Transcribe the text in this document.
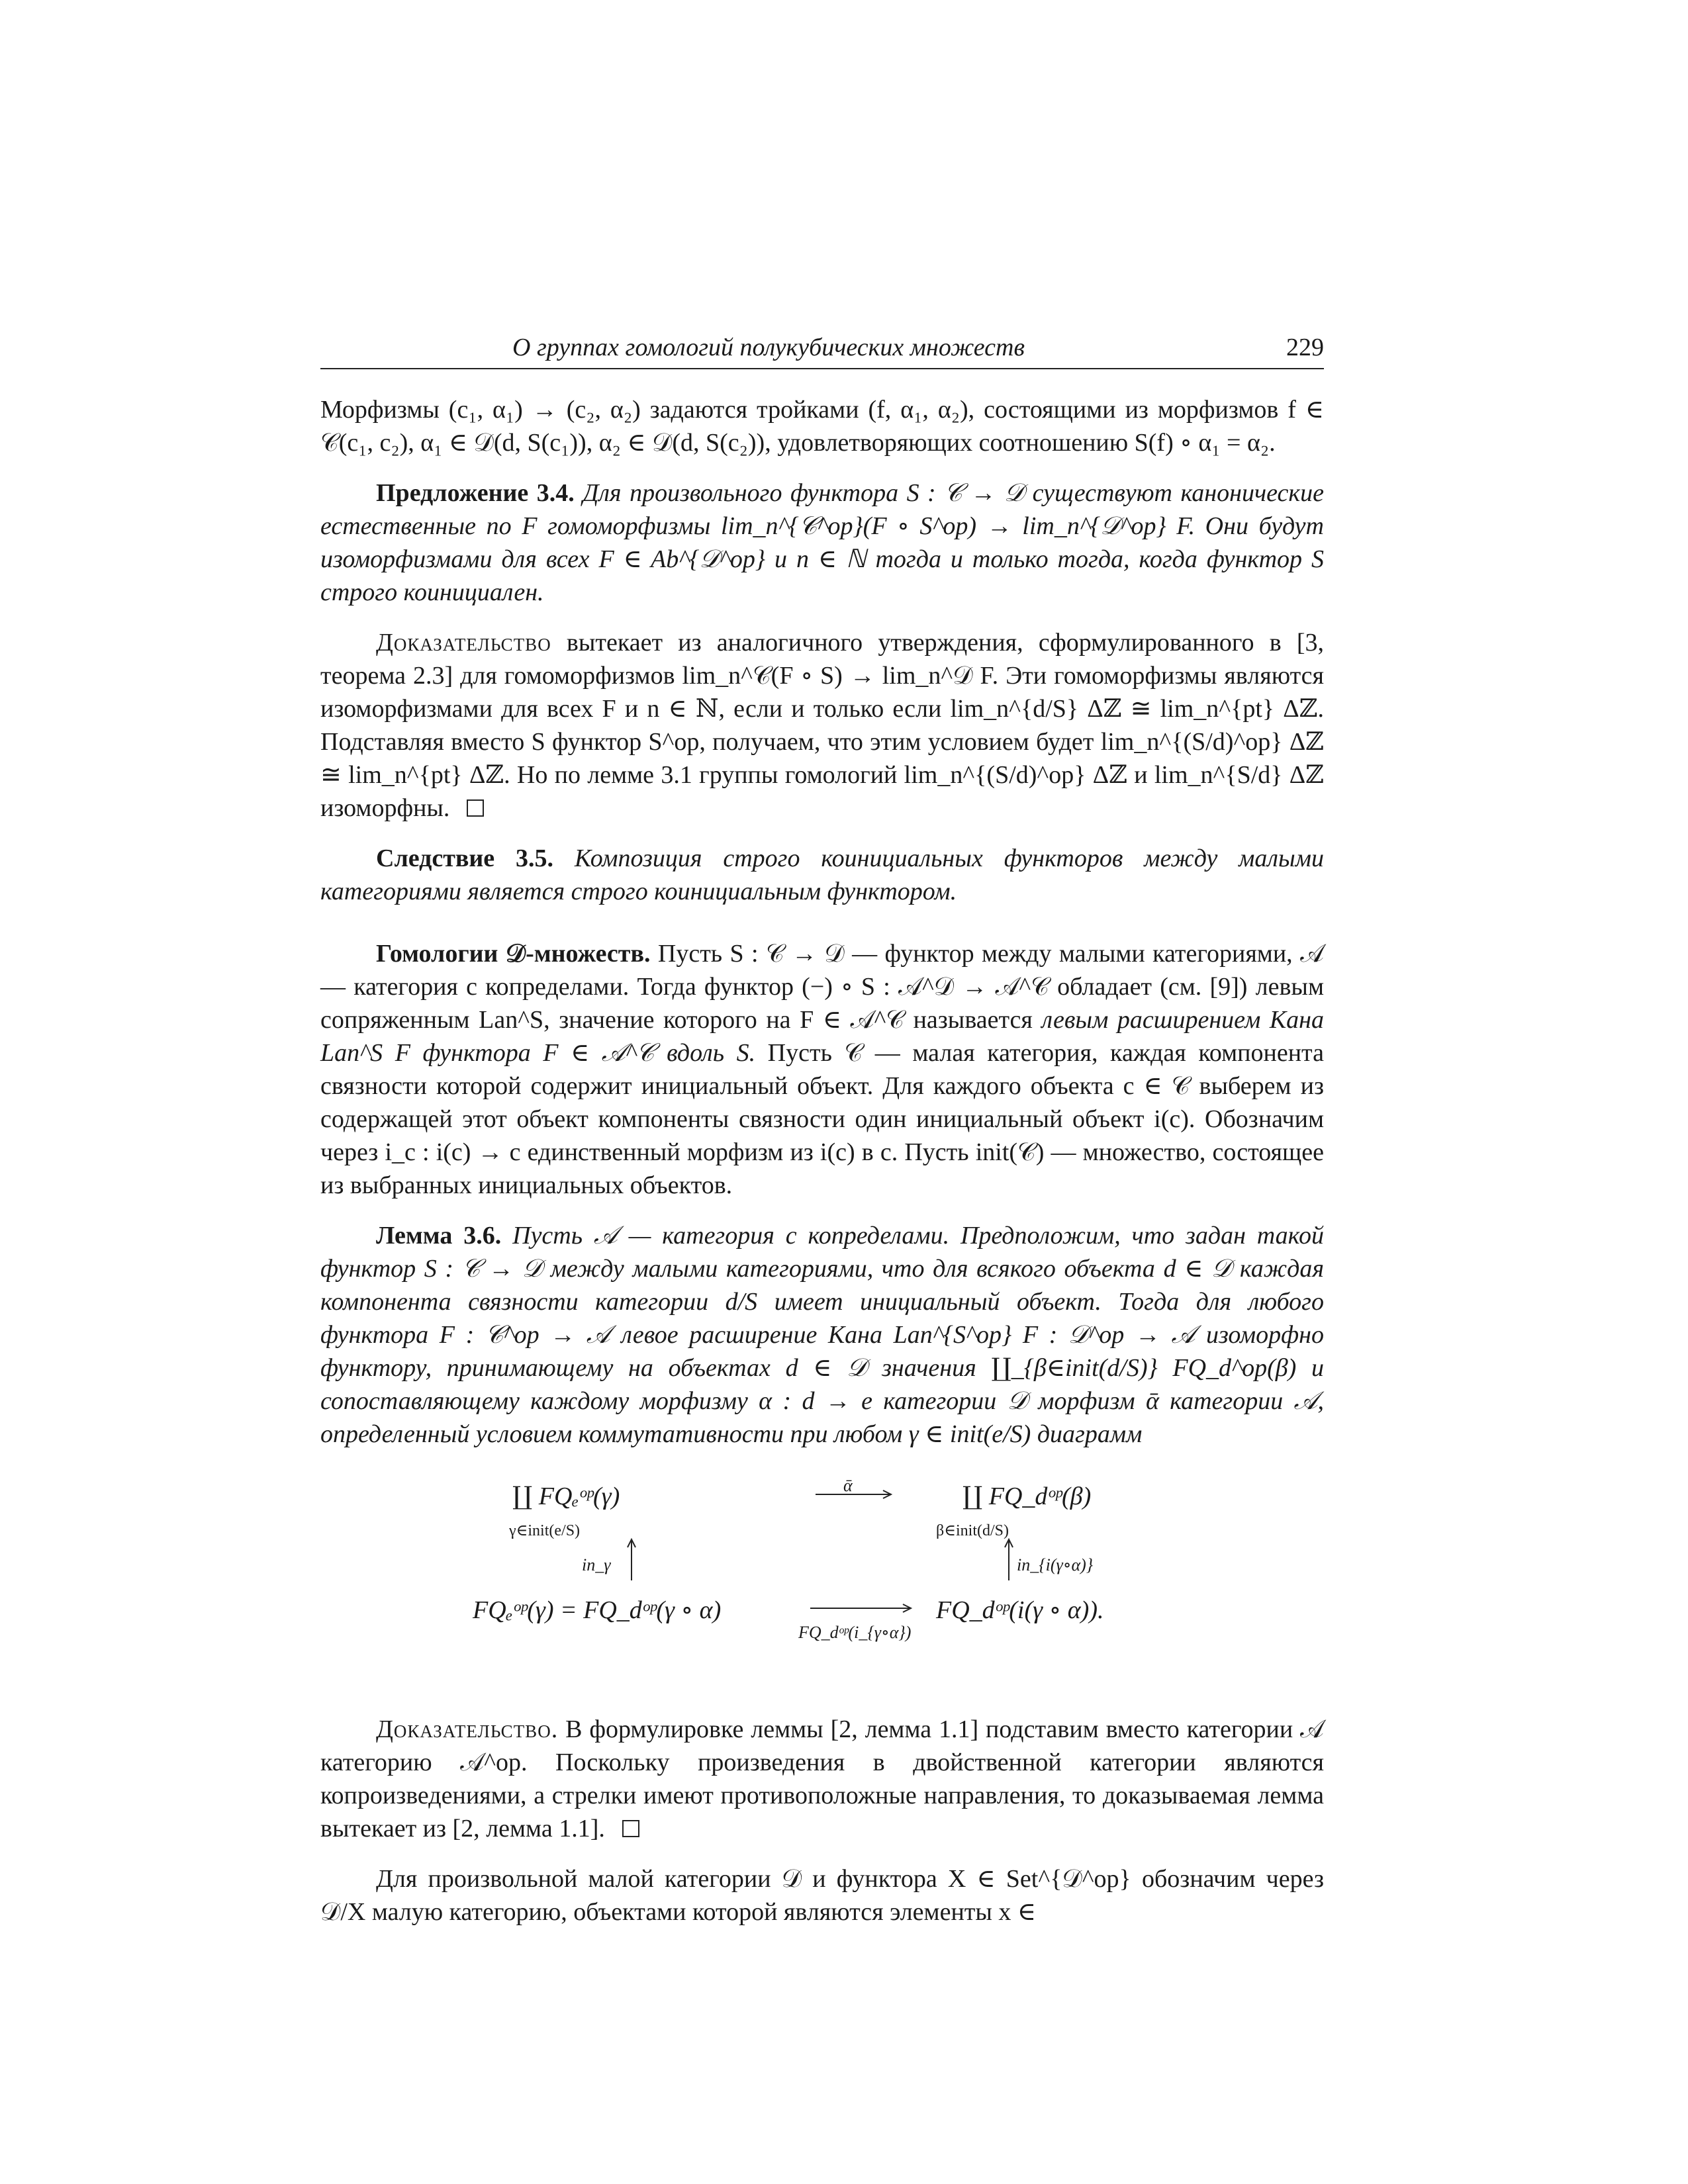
О группах гомологий полукубических множеств	229

Морфизмы (c₁, α₁) → (c₂, α₂) задаются тройками (f, α₁, α₂), состоящими из морфизмов f ∈ 𝒞(c₁, c₂), α₁ ∈ 𝒟(d, S(c₁)), α₂ ∈ 𝒟(d, S(c₂)), удовлетворяющих соотношению S(f) ∘ α₁ = α₂.

Предложение 3.4. Для произвольного функтора S : 𝒞 → 𝒟 существуют канонические естественные по F гомоморфизмы lim_n^{𝒞^op}(F ∘ S^op) → lim_n^{𝒟^op} F. Они будут изоморфизмами для всех F ∈ Ab^{𝒟^op} и n ∈ ℕ тогда и только тогда, когда функтор S строго коинициален.

Доказательство вытекает из аналогичного утверждения, сформулированного в [3, теорема 2.3] для гомоморфизмов lim_n^𝒞(F ∘ S) → lim_n^𝒟 F. Эти гомоморфизмы являются изоморфизмами для всех F и n ∈ ℕ, если и только если lim_n^{d/S} Δℤ ≅ lim_n^{pt} Δℤ. Подставляя вместо S функтор S^op, получаем, что этим условием будет lim_n^{(S/d)^op} Δℤ ≅ lim_n^{pt} Δℤ. Но по лемме 3.1 группы гомологий lim_n^{(S/d)^op} Δℤ и lim_n^{S/d} Δℤ изоморфны.

Следствие 3.5. Композиция строго коинициальных функторов между малыми категориями является строго коинициальным функтором.

Гомологии 𝒟-множеств. Пусть S : 𝒞 → 𝒟 — функтор между малыми категориями, 𝒜 — категория с копределами. Тогда функтор (−) ∘ S : 𝒜^𝒟 → 𝒜^𝒞 обладает (см. [9]) левым сопряженным Lan^S, значение которого на F ∈ 𝒜^𝒞 называется левым расширением Кана Lan^S F функтора F ∈ 𝒜^𝒞 вдоль S. Пусть 𝒞 — малая категория, каждая компонента связности которой содержит инициальный объект. Для каждого объекта c ∈ 𝒞 выберем из содержащей этот объект компоненты связности один инициальный объект i(c). Обозначим через i_c : i(c) → c единственный морфизм из i(c) в c. Пусть init(𝒞) — множество, состоящее из выбранных инициальных объектов.

Лемма 3.6. Пусть 𝒜 — категория с копределами. Предположим, что задан такой функтор S : 𝒞 → 𝒟 между малыми категориями, что для всякого объекта d ∈ 𝒟 каждая компонента связности категории d/S имеет инициальный объект. Тогда для любого функтора F : 𝒞^op → 𝒜 левое расширение Кана Lan^{S^op} F : 𝒟^op → 𝒜 изоморфно функтору, принимающему на объектах d ∈ 𝒟 значения ∐_{β∈init(d/S)} FQ_d^op(β) и сопоставляющему каждому морфизму α : d → e категории 𝒟 морфизм ᾱ категории 𝒜, определенный условием коммутативности при любом γ ∈ init(e/S) диаграмм

∐ FQₑᵒᵖ(γ)
γ∈init(e/S)
ᾱ	∐ FQ_dᵒᵖ(β)
β∈init(d/S)
in_γ	in_{i(γ∘α)}
FQₑᵒᵖ(γ) = FQ_dᵒᵖ(γ ∘ α)
FQ_dᵒᵖ(i_{γ∘α})
FQ_dᵒᵖ(i(γ ∘ α)).

Доказательство. В формулировке леммы [2, лемма 1.1] подставим вместо категории 𝒜 категорию 𝒜^op. Поскольку произведения в двойственной категории являются копроизведениями, а стрелки имеют противоположные направления, то доказываемая лемма вытекает из [2, лемма 1.1].

Для произвольной малой категории 𝒟 и функтора X ∈ Set^{𝒟^op} обозначим через 𝒟/X малую категорию, объектами которой являются элементы x ∈
